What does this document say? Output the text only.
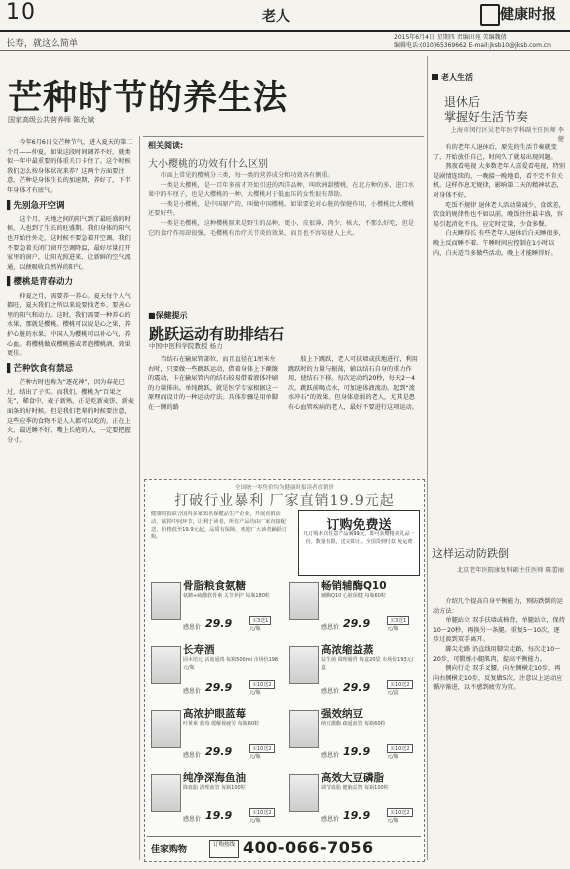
10	老人	健康时报
长寿，就这么简单
2015年6月4日 星期四 责编田苑 美编魏倩
编辑电话:(010)65369662 E-mail:jksb10@jksb.com.cn
芒种时节的养生法
国家高级公共营养师 陈允斌

今年6月6日交芒种节气，进入夏天的第二个月——仲夏。如果这段时间调养不好，就类似一年中最重要的体重关口卡住了。这个时候我们怎么按身体状况来养？这两个方面要注意，芒种是身体生长的加速期，养好了，下半年身体才有底气。

▌先别急开空调

这个月，天地之间的阳气到了最旺盛的时候，人也到了生长的旺盛期。我们身体的阳气也开始往外走，这时候不要急着开空调。我们不要急着关闭门窗开空调降温，最好尽量打开家里的窗户，让阳光照进来，让新鲜的空气流通，以便吸收自然界的阳气。

▌樱桃是青春动力

仲夏之月，需要养一养心。夏天每个人气都旺，夏天我们之所以来说要找老乡，要善心里的阳气和动力。这时，我们需要一种养心的水果，那就是樱桃。樱桃可以说是心之果，养护心脏的水果。中国人为樱桃可以补心气，养心血。将樱桃做成樱桃酱或者泡樱桃酒，效果更佳。

▌芒种饮食有禁忌

芒种古时也称为“逐花神”，因为春花已过，结出了子实。而我们，樱桃为“百果之先”，稀食中，麦子新熟，正是吃新麦饼、新麦面条的好时候。但是我们老辈的时候要注意，这些应季的食物不是人人都可以吃的，正在上火、最近睡不好、嘴上长疮的人，一定要把握分寸。

相关阅读:
大小樱桃的功效有什么区别

市面上常见的樱桃分三类，每一类的营养成分和功效各有侧重。

一类是大樱桃，是一百年多前才开始引进的西洋品种，叫欧洲甜樱桃，在北方种的多，进口水果中的车厘子，也是大樱桃的一种。大樱桃对于低血压的女性很有帮助。

一类是小樱桃，是中国原产的，叫做中国樱桃。如果要论对心脏的保健作用，小樱桃比大樱桃还要好些。

一类是毛樱桃，这种樱桃原来是野生的品种，更小，皮很薄，肉少，核大，不那么好吃，但是它的食疗作用却很强。毛樱桃有治疗关节炎的效果，而且也不容易使人上火。

■保健提示
跳跃运动有助排结石
中国中医科学院教授 杨力

当结石在输尿管部位，而且直径在1厘米左右时，只要做一些跳跃运动，借着身体上下颠簸的震动，卡在输尿管内的结石较易借着液体冲刷的力量排出。单纯跳跃，就是医学专家根据这一原理而设计的一种运动疗法。具体步骤是用单脚在一侧的路

肢上下跳跃，老人可扶墙或扶地进行，利用跳跃时的力量与振荡，辅以结石自身的重力作用，使结石下移。每次运动约20秒，每天2～4次。跳跃前喝点水，可加速体液流动。起到“流水冲石”的效果。但身体虚弱的老人，尤其是患有心血管疾病的老人，最好不要进行这项运动。

全国统一零售价均为健康时报读者直销价
打破行业暴利 厂家直销19.9元起
健康时报联合国内多家知名保健品生产企业，开展直销活动，砍掉中间环节，让利于读者。所有产品均由厂家直接配送，价格低至19.9元起，品质有保障，欢迎广大读者踊跃订购。
订购免费送
凡订购本次任意产品满99元，即可获赠精美礼品一份，数量有限，送完即止。全国货到付款 免运费
骨脂粮食氨糖
氨糖+硫酸软骨素 关节养护 每瓶180粒
感恩价 29.9	买3送1
元/瓶
畅销辅酶Q10
辅酶Q10 心脏保健 每瓶60粒
感恩价 29.9	买3送1
元/瓶
长寿酒
固本培元 活血通络 每瓶500ml 市场价198元/瓶
感恩价 29.9	买10送2
元/瓶
高浓缩益蒸
益生菌 调理肠胃 每盒20袋 市场价193元/盒
感恩价 29.9	买10送2
元/盒
高浓护眼蓝莓
叶黄素 蓝莓 缓解视疲劳 每瓶60粒
感恩价 29.9	买10送2
元/瓶
强效纳豆
纳豆激酶 疏通血管 每瓶60粒
感恩价 19.9	买10送2
元/瓶
纯净深海鱼油
降血脂 清理血管 每瓶100粒
感恩价 19.9	买10送2
元/瓶
高效大豆磷脂
调节血脂 健脑益智 每瓶100粒
感恩价 19.9	买10送2
元/瓶
佳家购物	订购热线 400-066-7056
老人生活
退休后
掌握好生活节奏
上海市闵行区吴老年医学科副主任医师 李 健

有的老年人退休后，原先的生活节奏就变了，开始放任自己，时间久了就易出现问题。

熬夜看电视 大多数老年人喜爱看电视，特别是剧情连续的，一晚接一晚地看，看不完不肯关机。这样作息无规律，影响第二天的精神状态，对身体不好。

吃饭不规律 退休老人活动量减少，食欲差，饮食的规律性也不如以前，晚饭往往最丰盛，容易引起消化不良。应定时定量，少食多餐。

白天睡得长 有些老年人退休后白天睡很多，晚上反而睡不着。午睡时间应控制在1小时以内，白天适当多做些活动，晚上才能睡得好。

这样运动防跌倒
北京老年医院康复科副主任医师 陈蕾丽

介绍几个提高自身平衡能力，预防跌倒的运动方法：

单腿站立 双手扶墙或椅背，单腿站立，保持10～20秒，再换另一条腿。重复5～10次，逐步过渡到双手离开。

脚尖走路 沿直线用脚尖走路，每次走10～20步，可锻炼小腿肌肉，提高平衡能力。

侧向行走 双手叉腰，向左侧横走10步，再向右侧横走10步，反复做5次。注意以上运动应循序渐进，以不感到疲劳为宜。
